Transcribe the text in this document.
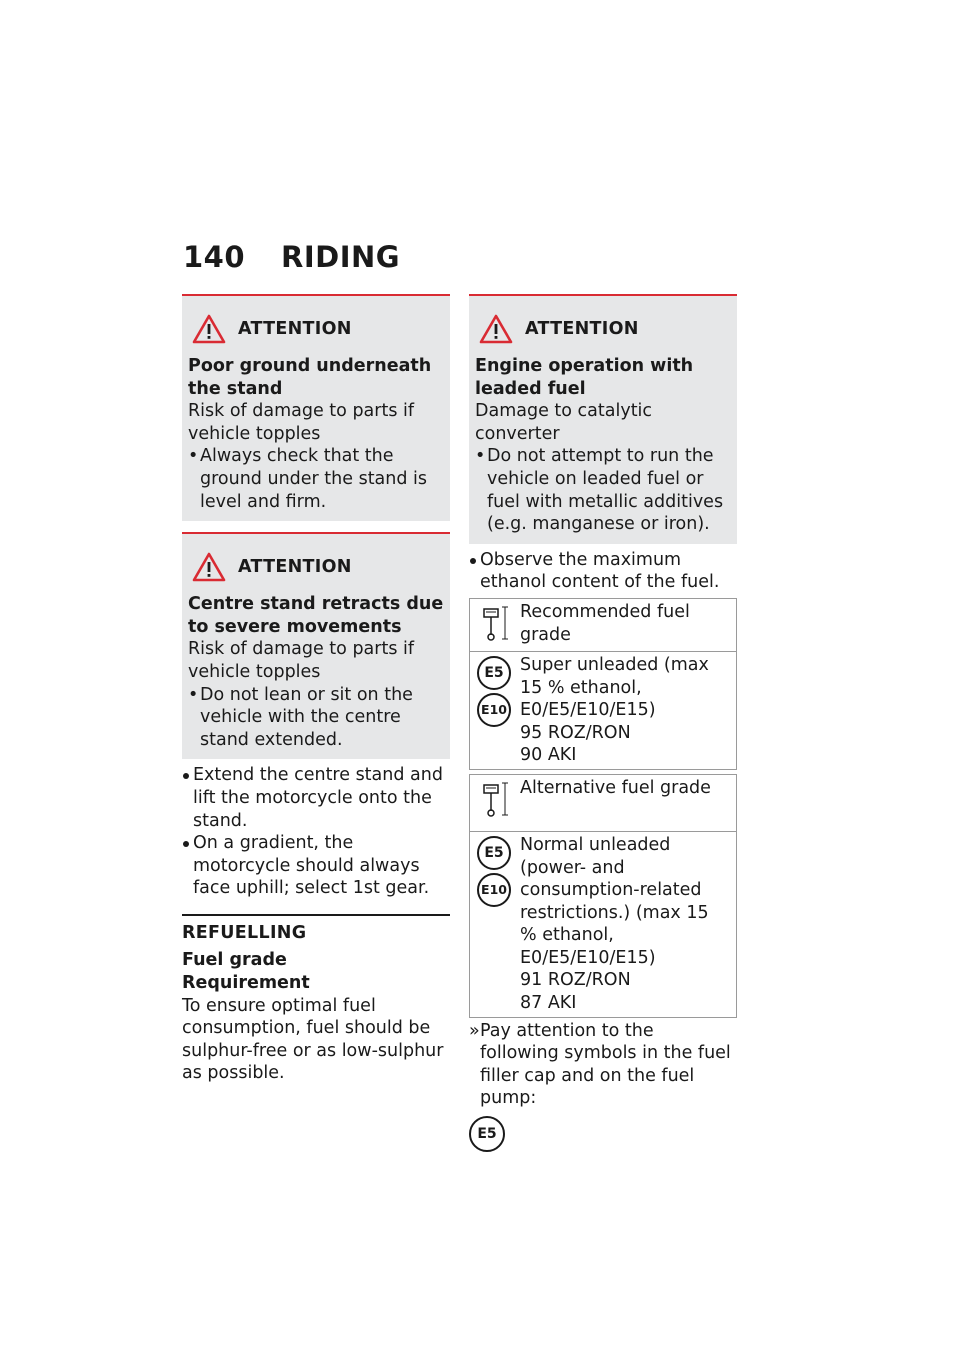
140 RIDING
ATTENTION
Poor ground underneath the stand
Risk of damage to parts if vehicle topples
• Always check that the ground under the stand is level and firm.
ATTENTION
Centre stand retracts due to severe movements
Risk of damage to parts if vehicle topples
• Do not lean or sit on the vehicle with the centre stand extended.
Extend the centre stand and lift the motorcycle onto the stand.
On a gradient, the motorcycle should always face uphill; select 1st gear.
REFUELLING
Fuel grade
Requirement
To ensure optimal fuel consumption, fuel should be sulphur-free or as low-sulphur as possible.
ATTENTION
Engine operation with leaded fuel
Damage to catalytic converter
• Do not attempt to run the vehicle on leaded fuel or fuel with metallic additives (e.g. manganese or iron).
Observe the maximum ethanol content of the fuel.
Recommended fuel grade
E5
E10
Super unleaded (max 15 % ethanol, E0/E5/E10/E15)
95 ROZ/RON
90 AKI
Alternative fuel grade
E5
E10
Normal unleaded (power- and consumption-related restrictions.) (max 15 % ethanol, E0/E5/E10/E15)
91 ROZ/RON
87 AKI
» Pay attention to the following symbols in the fuel filler cap and on the fuel pump:
E5
